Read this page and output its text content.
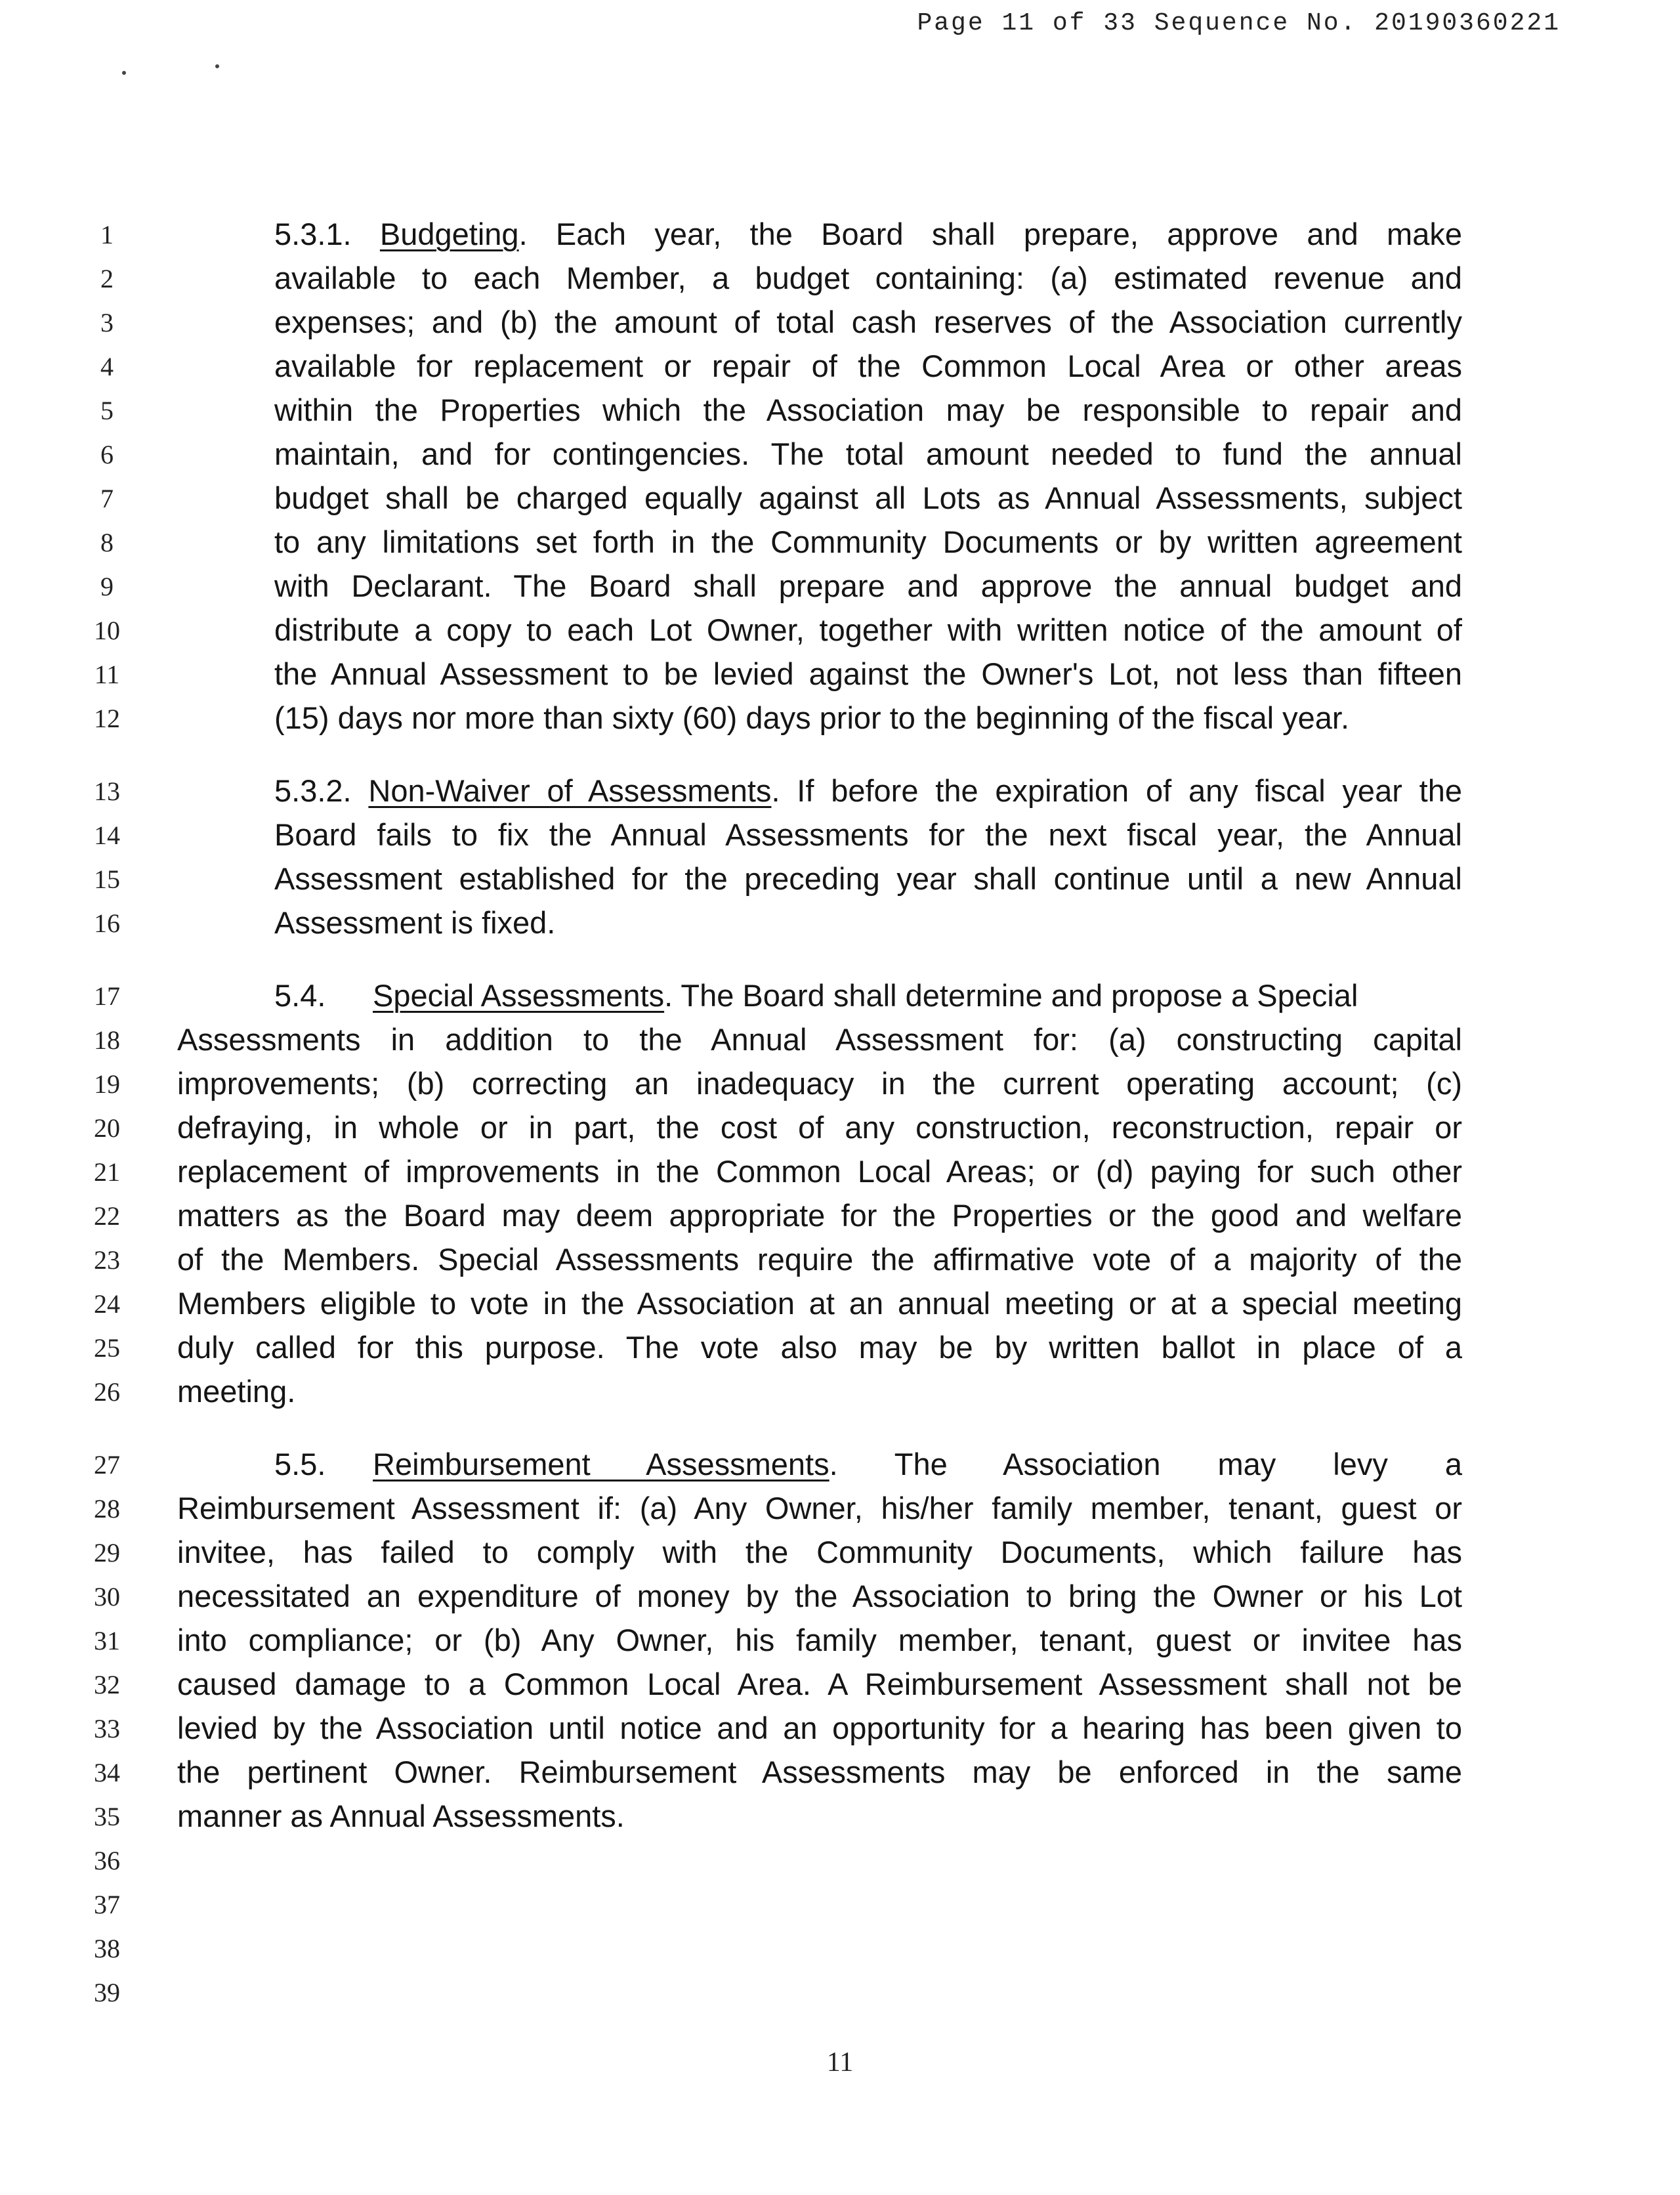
Page 11 of 33 Sequence No. 20190360221
1
2
3
4
5
6
7
8
9
10
11
12
13
14
15
16
17
18
19
20
21
22
23
24
25
26
27
28
29
30
31
32
33
34
35
36
37
38
39
5.3.1. Budgeting. Each year, the Board shall prepare, approve and make
available to each Member, a budget containing: (a) estimated revenue and
expenses; and (b) the amount of total cash reserves of the Association currently
available for replacement or repair of the Common Local Area or other areas
within the Properties which the Association may be responsible to repair and
maintain, and for contingencies. The total amount needed to fund the annual
budget shall be charged equally against all Lots as Annual Assessments, subject
to any limitations set forth in the Community Documents or by written agreement
with Declarant. The Board shall prepare and approve the annual budget and
distribute a copy to each Lot Owner, together with written notice of the amount of
the Annual Assessment to be levied against the Owner's Lot, not less than fifteen
(15) days nor more than sixty (60) days prior to the beginning of the fiscal year.
5.3.2. Non-Waiver of Assessments. If before the expiration of any fiscal year the
Board fails to fix the Annual Assessments for the next fiscal year, the Annual
Assessment established for the preceding year shall continue until a new Annual
Assessment is fixed.
5.4. Special Assessments. The Board shall determine and propose a Special
Assessments in addition to the Annual Assessment for: (a) constructing capital
improvements; (b) correcting an inadequacy in the current operating account; (c)
defraying, in whole or in part, the cost of any construction, reconstruction, repair or
replacement of improvements in the Common Local Areas; or (d) paying for such other
matters as the Board may deem appropriate for the Properties or the good and welfare
of the Members. Special Assessments require the affirmative vote of a majority of the
Members eligible to vote in the Association at an annual meeting or at a special meeting
duly called for this purpose. The vote also may be by written ballot in place of a
meeting.
5.5. Reimbursement Assessments. The Association may levy a
Reimbursement Assessment if: (a) Any Owner, his/her family member, tenant, guest or
invitee, has failed to comply with the Community Documents, which failure has
necessitated an expenditure of money by the Association to bring the Owner or his Lot
into compliance; or (b) Any Owner, his family member, tenant, guest or invitee has
caused damage to a Common Local Area. A Reimbursement Assessment shall not be
levied by the Association until notice and an opportunity for a hearing has been given to
the pertinent Owner. Reimbursement Assessments may be enforced in the same
manner as Annual Assessments.
11
